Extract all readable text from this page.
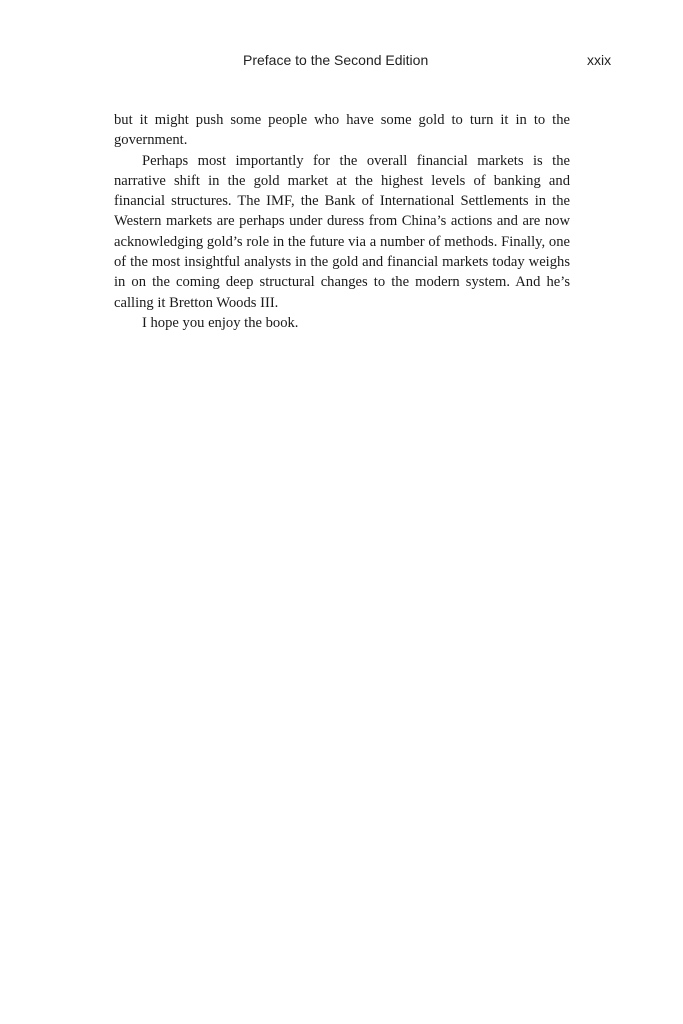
Preface to the Second Edition	xxix

but it might push some people who have some gold to turn it in to the government.

Perhaps most importantly for the overall financial markets is the narrative shift in the gold market at the highest levels of banking and financial structures. The IMF, the Bank of International Settlements in the Western markets are perhaps under duress from China’s actions and are now acknowledging gold’s role in the future via a number of methods. Finally, one of the most insightful analysts in the gold and financial markets today weighs in on the coming deep structural changes to the modern system. And he’s calling it Bretton Woods III.

I hope you enjoy the book.
